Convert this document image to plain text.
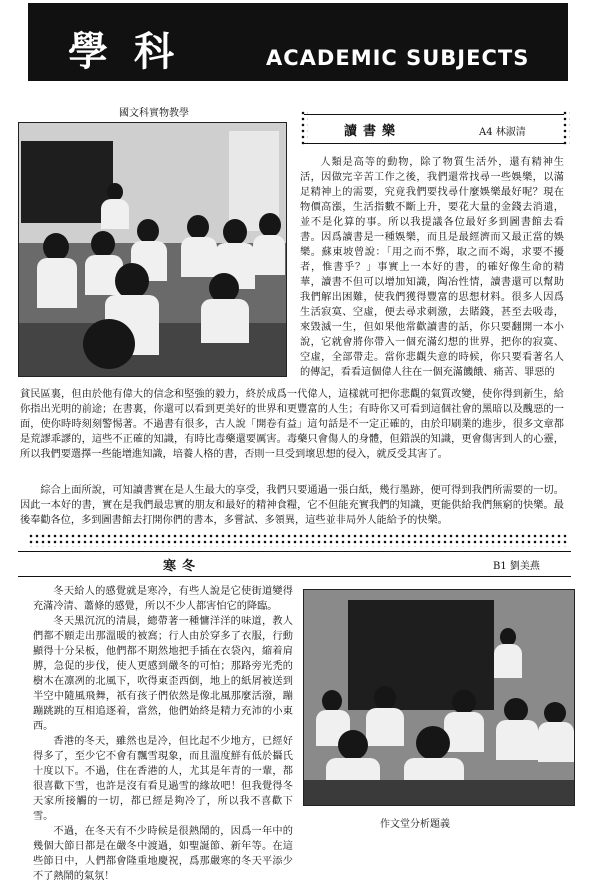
學科	ACADEMIC SUBJECTS
國文科實物教學
讀書樂	A4 林淑清

人類是高等的動物，除了物質生活外，還有精神生活，因做完辛苦工作之後，我們還常找尋一些娛樂，以滿足精神上的需要，究竟我們要找尋什麼娛樂最好呢？現在物價高漲，生活指數不斷上升，要花大量的金錢去消遣，並不是化算的事。所以我提議各位最好多到圖書館去看書。因爲讀書是一種娛樂，而且是最經濟而又最正當的娛樂。蘇東坡曾說：「用之而不弊，取之而不竭，求要不擾者，惟書乎？」事實上一本好的書，的確好像生命的精華，讀書不但可以增加知識，陶冶性情，讀書還可以幫助我們解出困難，使我們獲得豐富的思想材料。很多人因爲生活寂寞、空虛，便去尋求刺激，去賭錢，甚至去吸毒，來毀滅一生，但如果他常歡讀書的話，你只要翻開一本小說，它就會將你帶入一個充滿幻想的世界，把你的寂寞、空虛，全部帶走。當你悲觀失意的時候，你只要看著名人的傳記，看看這個偉人往在一個充滿饑餓、痛苦、罪惡的

貧民區裏，但由於他有偉大的信念和堅強的毅力，終於成爲一代偉人，這樣就可把你悲觀的氣質改變，使你得到新生，給你指出光明的前途；在書裏，你還可以看到更美好的世界和更豐富的人生；有時你又可看到這個社會的黑暗以及醜惡的一面，使你時時刻刻警惕著。不過書有很多，古人說「開卷有益」這句話是不一定正確的，由於印刷業的進步，很多文章都是荒謬乖謬的，這些不正確的知識，有時比毒藥還要厲害。毒藥只會傷人的身體，但錯誤的知識，更會傷害到人的心靈，所以我們要選擇一些能增進知識，培養人格的書，否則一旦受到壞思想的侵入，就反受其害了。

綜合上面所說，可知讀書實在是人生最大的享受，我們只要通過一張白紙，幾行墨跡，便可得到我們所需要的一切。因此一本好的書，實在是我們最忠實的朋友和最好的精神食糧，它不但能充實我們的知識，更能供給我們無窮的快樂。最後奉勸各位，多到圖書館去打開你們的書本，多嘗試、多領異，這些並非局外人能給予的快樂。

寒冬	B1 劉美燕

冬天給人的感覺就是寒冷，有些人說是它使街道變得充滿冷清、蕭條的感覺，所以不少人都害怕它的降臨。

冬天黑沉沉的清晨，總帶著一種慵洋洋的味道，教人們都不願走出那溫暖的被窩；行人由於穿多了衣服，行動顯得十分呆板，他們都不期然地把手插在衣袋內，縮着肩膊，急促的步伐，使人更感到嚴冬的可怕；那路旁光禿的樹木在凛冽的北風下，吹得東歪西倒，地上的紙屑被送到半空中隨風飛舞，祇有孩子們依然是像北風那麼活潑，蹦蹦跳跳的互相追逐着，當然，他們始終是精力充沛的小東西。

香港的冬天，雖然也是冷，但比起不少地方，已經好得多了，至少它不會有飄雪現象，而且溫度鮮有低於攝氏十度以下。不過，住在香港的人，尤其是年青的一輩，都很喜歡下雪，也許是沒有看見過雪的緣故吧！但我覺得冬天家所接觸的一切，都已經是夠冷了，所以我不喜歡下雪。

不過，在冬天有不少時候是很熱鬧的，因爲一年中的幾個大節日都是在嚴冬中渡過，如聖誕節、新年等。在這些節日中，人們都會隆重地慶祝，爲那嚴寒的冬天平添少不了熱鬧的氣氛！

作文堂分析題義
